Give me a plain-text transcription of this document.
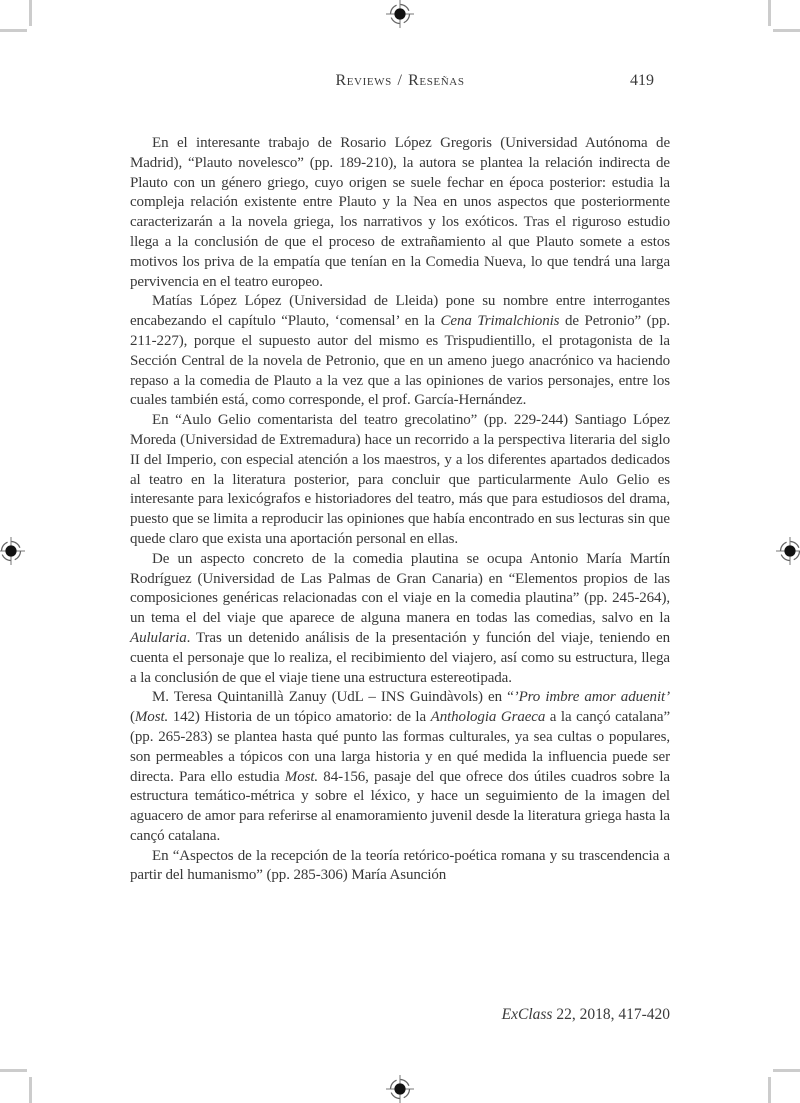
Reviews / Reseñas	419

En el interesante trabajo de Rosario López Gregoris (Universidad Autónoma de Madrid), “Plauto novelesco” (pp. 189-210), la autora se plantea la relación indirecta de Plauto con un género griego, cuyo origen se suele fechar en época posterior: estudia la compleja relación existente entre Plauto y la Nea en unos aspectos que posteriormente caracterizarán a la novela griega, los narrativos y los exóticos. Tras el riguroso estudio llega a la conclusión de que el proceso de extrañamiento al que Plauto somete a estos motivos los priva de la empatía que tenían en la Comedia Nueva, lo que tendrá una larga pervivencia en el teatro europeo.

Matías López López (Universidad de Lleida) pone su nombre entre interrogantes encabezando el capítulo “Plauto, ‘comensal’ en la Cena Trimalchionis de Petronio” (pp. 211-227), porque el supuesto autor del mismo es Trispudientillo, el protagonista de la Sección Central de la novela de Petronio, que en un ameno juego anacrónico va haciendo repaso a la comedia de Plauto a la vez que a las opiniones de varios personajes, entre los cuales también está, como corresponde, el prof. García-Hernández.

En “Aulo Gelio comentarista del teatro grecolatino” (pp. 229-244) Santiago López Moreda (Universidad de Extremadura) hace un recorrido a la perspectiva literaria del siglo II del Imperio, con especial atención a los maestros, y a los diferentes apartados dedicados al teatro en la literatura posterior, para concluir que particularmente Aulo Gelio es interesante para lexicógrafos e historiadores del teatro, más que para estudiosos del drama, puesto que se limita a reproducir las opiniones que había encontrado en sus lecturas sin que quede claro que exista una aportación personal en ellas.

De un aspecto concreto de la comedia plautina se ocupa Antonio María Martín Rodríguez (Universidad de Las Palmas de Gran Canaria) en “Elementos propios de las composiciones genéricas relacionadas con el viaje en la comedia plautina” (pp. 245-264), un tema el del viaje que aparece de alguna manera en todas las comedias, salvo en la Aulularia. Tras un detenido análisis de la presentación y función del viaje, teniendo en cuenta el personaje que lo realiza, el recibimiento del viajero, así como su estructura, llega a la conclusión de que el viaje tiene una estructura estereotipada.

M. Teresa Quintanillà Zanuy (UdL – INS Guindàvols) en “’Pro imbre amor aduenit’ (Most. 142) Historia de un tópico amatorio: de la Anthologia Graeca a la cançó catalana” (pp. 265-283) se plantea hasta qué punto las formas culturales, ya sea cultas o populares, son permeables a tópicos con una larga historia y en qué medida la influencia puede ser directa. Para ello estudia Most. 84-156, pasaje del que ofrece dos útiles cuadros sobre la estructura temático-métrica y sobre el léxico, y hace un seguimiento de la imagen del aguacero de amor para referirse al enamoramiento juvenil desde la literatura griega hasta la cançó catalana.

En “Aspectos de la recepción de la teoría retórico-poética romana y su trascendencia a partir del humanismo” (pp. 285-306) María Asunción

ExClass 22, 2018, 417-420
